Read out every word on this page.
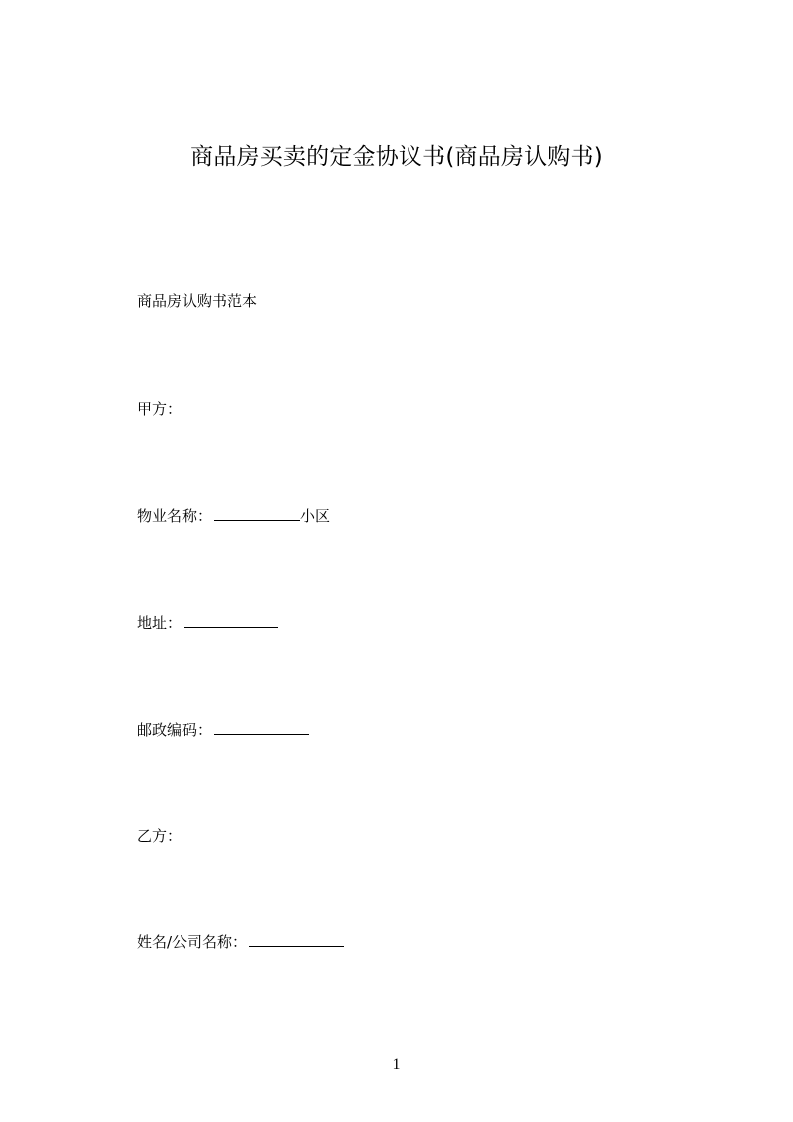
商品房买卖的定金协议书(商品房认购书)
商品房认购书范本
甲方：
物业名称：	小区
地址：
邮政编码：
乙方：
姓名/公司名称：
1
